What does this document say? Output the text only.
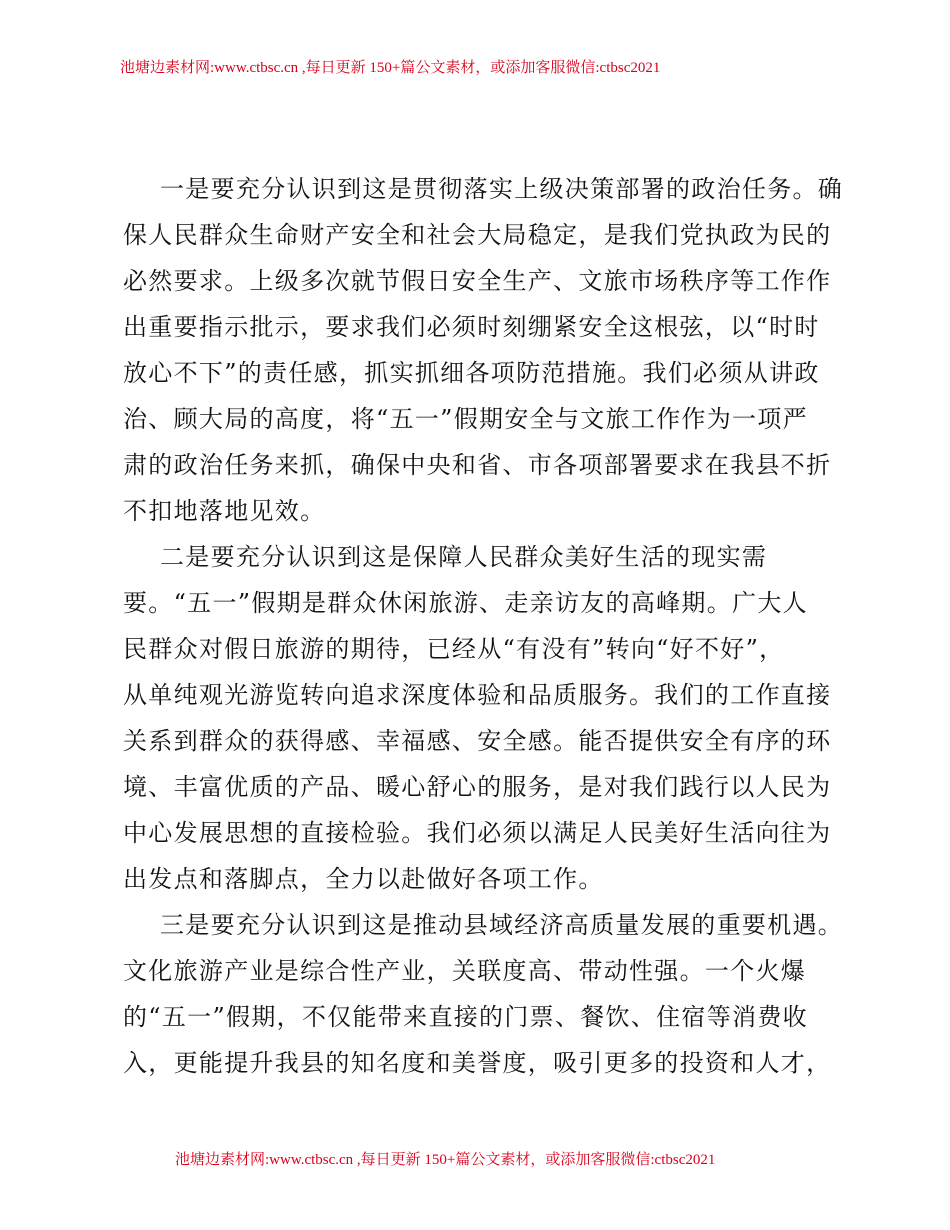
池塘边素材网:www.ctbsc.cn ,每日更新 150+篇公文素材，或添加客服微信:ctbsc2021
一是要充分认识到这是贯彻落实上级决策部署的政治任务。确
保人民群众生命财产安全和社会大局稳定，是我们党执政为民的
必然要求。上级多次就节假日安全生产、文旅市场秩序等工作作
出重要指示批示，要求我们必须时刻绷紧安全这根弦，以“时时
放心不下”的责任感，抓实抓细各项防范措施。我们必须从讲政
治、顾大局的高度，将“五一”假期安全与文旅工作作为一项严
肃的政治任务来抓，确保中央和省、市各项部署要求在我县不折
不扣地落地见效。
二是要充分认识到这是保障人民群众美好生活的现实需
要。“五一”假期是群众休闲旅游、走亲访友的高峰期。广大人
民群众对假日旅游的期待，已经从“有没有”转向“好不好”，
从单纯观光游览转向追求深度体验和品质服务。我们的工作直接
关系到群众的获得感、幸福感、安全感。能否提供安全有序的环
境、丰富优质的产品、暖心舒心的服务，是对我们践行以人民为
中心发展思想的直接检验。我们必须以满足人民美好生活向往为
出发点和落脚点，全力以赴做好各项工作。
三是要充分认识到这是推动县域经济高质量发展的重要机遇。
文化旅游产业是综合性产业，关联度高、带动性强。一个火爆
的“五一”假期，不仅能带来直接的门票、餐饮、住宿等消费收
入，更能提升我县的知名度和美誉度，吸引更多的投资和人才，
池塘边素材网:www.ctbsc.cn ,每日更新 150+篇公文素材，或添加客服微信:ctbsc2021
